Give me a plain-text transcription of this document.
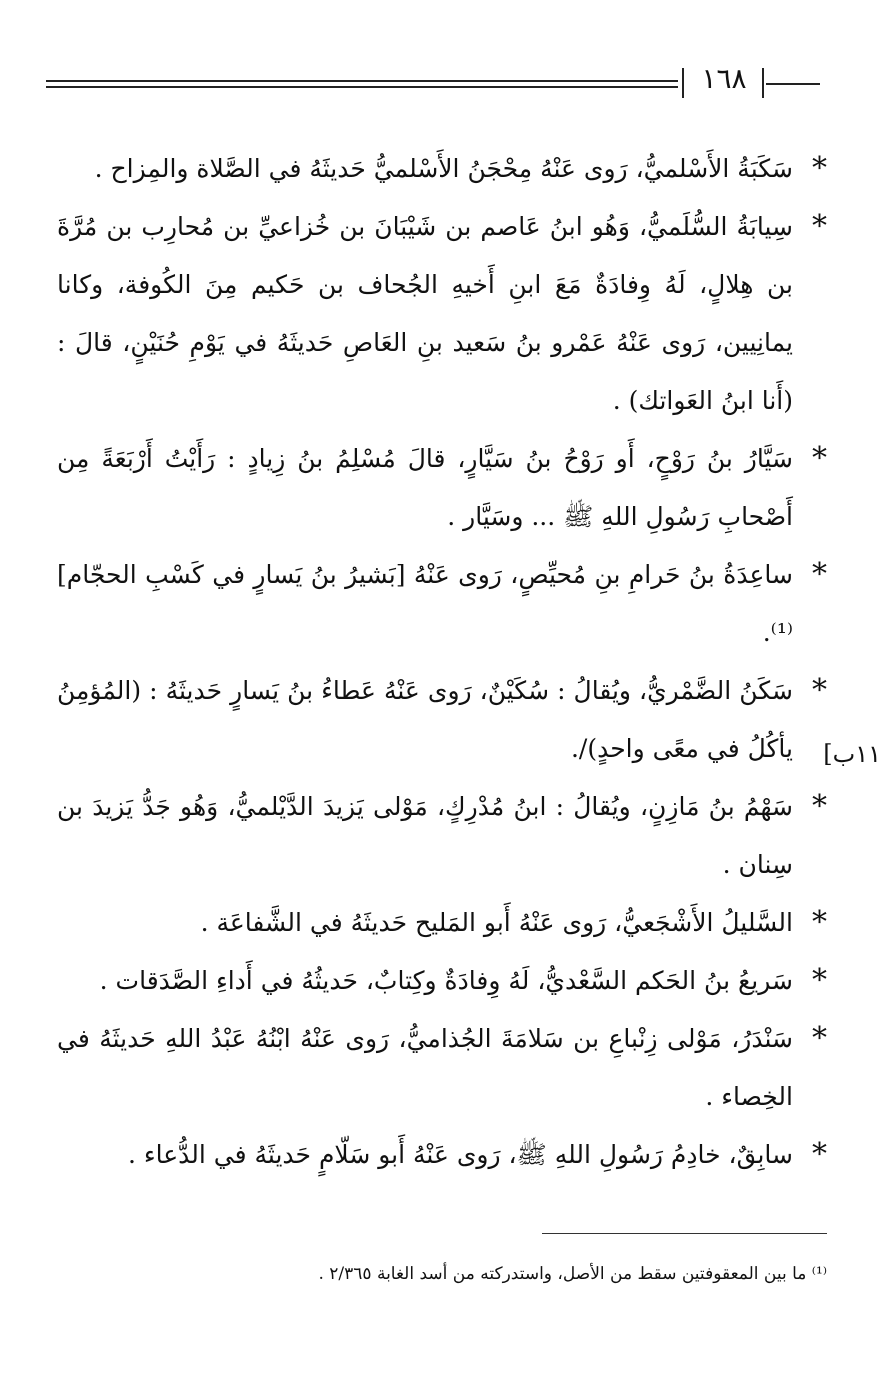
١٦٨
١١ب]
*
سَكَبَةُ الأَسْلميُّ، رَوى عَنْهُ مِحْجَنُ الأَسْلميُّ حَديثَهُ في الصَّلاة والمِزاح .
*
سِيابَةُ السُّلَميُّ، وَهُو ابنُ عَاصم بن شَيْبَانَ بن خُزاعيِّ بن مُحارِب بن مُرَّةَ بن هِلالٍ، لَهُ وِفادَةٌ مَعَ ابنِ أَخيهِ الجُحاف بن حَكيم مِنَ الكُوفة، وكانا يمانِيين، رَوى عَنْهُ عَمْرو بنُ سَعيد بنِ العَاصِ حَديثَهُ في يَوْمِ حُنَيْنٍ، قالَ : (أَنا ابنُ العَواتك) .
*
سَيَّارُ بنُ رَوْحٍ، أَو رَوْحُ بنُ سَيَّارٍ، قالَ مُسْلِمُ بنُ زِيادٍ : رَأَيْتُ أَرْبَعَةً مِن أَصْحابِ رَسُولِ اللهِ ﷺ ... وسَيَّار .
*
ساعِدَةُ بنُ حَرامِ بنِ مُحيِّصٍ، رَوى عَنْهُ [بَشيرُ بنُ يَسارٍ في كَسْبِ الحجّام]⁽¹⁾.
*
سَكَنُ الضَّمْريُّ، ويُقالُ : سُكَيْنٌ، رَوى عَنْهُ عَطاءُ بنُ يَسارٍ حَديثَهُ : (المُؤمِنُ يأكُلُ في معًى واحدٍ)/.
*
سَهْمُ بنُ مَازِنٍ، ويُقالُ : ابنُ مُدْرِكٍ، مَوْلى يَزيدَ الدَّيْلميُّ، وَهُو جَدُّ يَزيدَ بن سِنان .
*
السَّليلُ الأَشْجَعيُّ، رَوى عَنْهُ أَبو المَليح حَديثَهُ في الشَّفاعَة .
*
سَريعُ بنُ الحَكم السَّعْديُّ، لَهُ وِفادَةٌ وكِتابٌ، حَديثُهُ في أَداءِ الصَّدَقات .
*
سَنْدَرُ، مَوْلى زِنْباعِ بن سَلامَةَ الجُذاميُّ، رَوى عَنْهُ ابْنُهُ عَبْدُ اللهِ حَديثَهُ في الخِصاء .
*
سابِقٌ، خادِمُ رَسُولِ اللهِ ﷺ، رَوى عَنْهُ أَبو سَلّامٍ حَديثَهُ في الدُّعاء .
⁽¹⁾ ما بين المعقوفتين سقط من الأصل، واستدركته من أسد الغابة ٢/٣٦٥ .
